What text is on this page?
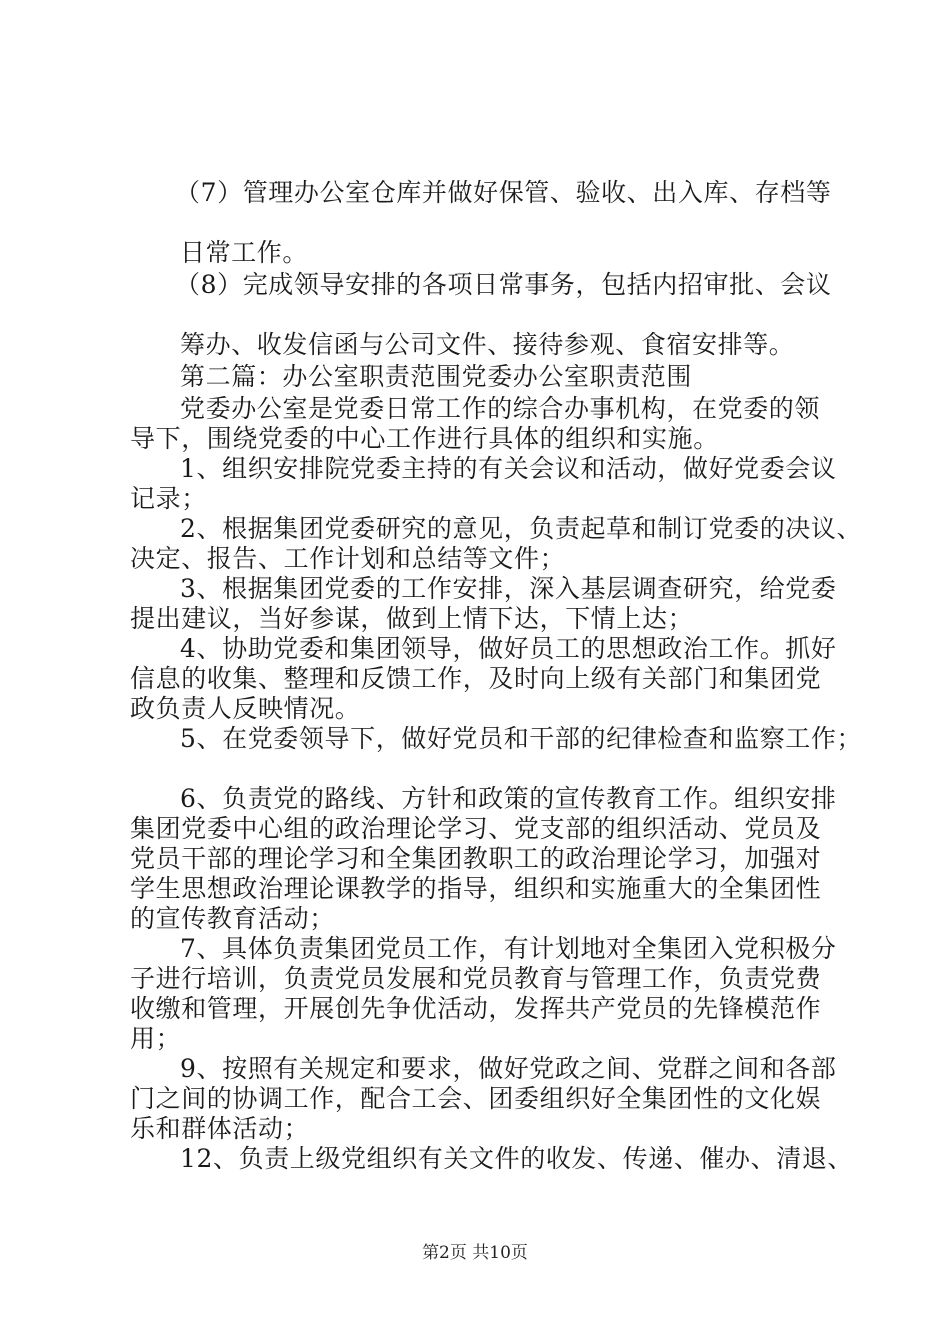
（7）管理办公室仓库并做好保管、验收、出入库、存档等
日常工作。
（8）完成领导安排的各项日常事务，包括内招审批、会议
筹办、收发信函与公司文件、接待参观、食宿安排等。
第二篇：办公室职责范围党委办公室职责范围
党委办公室是党委日常工作的综合办事机构，在党委的领
导下，围绕党委的中心工作进行具体的组织和实施。
1、组织安排院党委主持的有关会议和活动，做好党委会议
记录；
2、根据集团党委研究的意见，负责起草和制订党委的决议、
决定、报告、工作计划和总结等文件；
3、根据集团党委的工作安排，深入基层调查研究，给党委
提出建议，当好参谋，做到上情下达，下情上达；
4、协助党委和集团领导，做好员工的思想政治工作。抓好
信息的收集、整理和反馈工作，及时向上级有关部门和集团党
政负责人反映情况。
5、在党委领导下，做好党员和干部的纪律检查和监察工作；
6、负责党的路线、方针和政策的宣传教育工作。组织安排
集团党委中心组的政治理论学习、党支部的组织活动、党员及
党员干部的理论学习和全集团教职工的政治理论学习，加强对
学生思想政治理论课教学的指导，组织和实施重大的全集团性
的宣传教育活动；
7、具体负责集团党员工作，有计划地对全集团入党积极分
子进行培训，负责党员发展和党员教育与管理工作，负责党费
收缴和管理，开展创先争优活动，发挥共产党员的先锋模范作
用；
9、按照有关规定和要求，做好党政之间、党群之间和各部
门之间的协调工作，配合工会、团委组织好全集团性的文化娱
乐和群体活动；
12、负责上级党组织有关文件的收发、传递、催办、清退、
第2页 共10页
